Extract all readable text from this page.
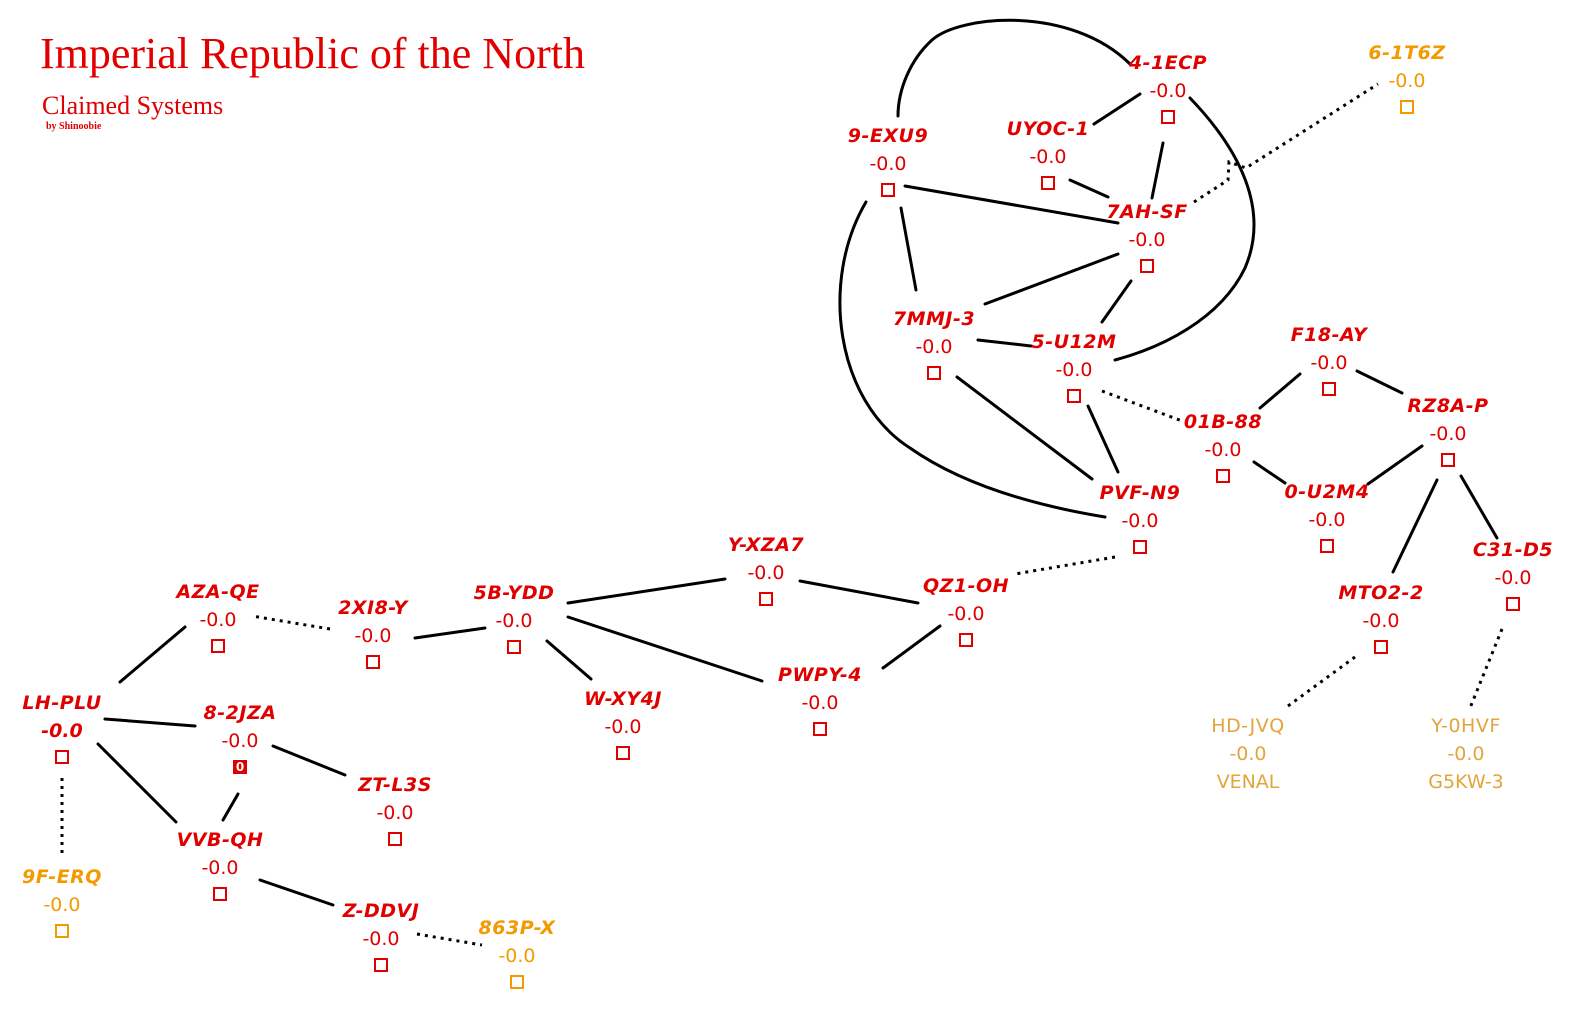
Imperial Republic of the North
Claimed Systems
by Shinoobie
4-1ECP
-0.0
6-1T6Z
-0.0
9-EXU9
-0.0
UYOC-1
-0.0
7AH-SF
-0.0
7MMJ-3
-0.0	5-U12M
-0.0
F18-AY
-0.0
01B-88
-0.0
RZ8A-P
-0.0
0-U2M4
-0.0
PVF-N9
-0.0
C31-D5
-0.0
MTO2-2
-0.0
Y-XZA7
-0.0
QZ1-OH
-0.0
AZA-QE
-0.0
2XI8-Y
-0.0
5B-YDD
-0.0
W-XY4J
-0.0
PWPY-4
-0.0
LH-PLU
-0.0
8-2JZA
-0.0
0
ZT-L3S
-0.0
VVB-QH
-0.0
9F-ERQ
-0.0	Z-DDVJ
-0.0	863P-X
-0.0
HD-JVQ
-0.0
VENAL
Y-0HVF
-0.0
G5KW-3
